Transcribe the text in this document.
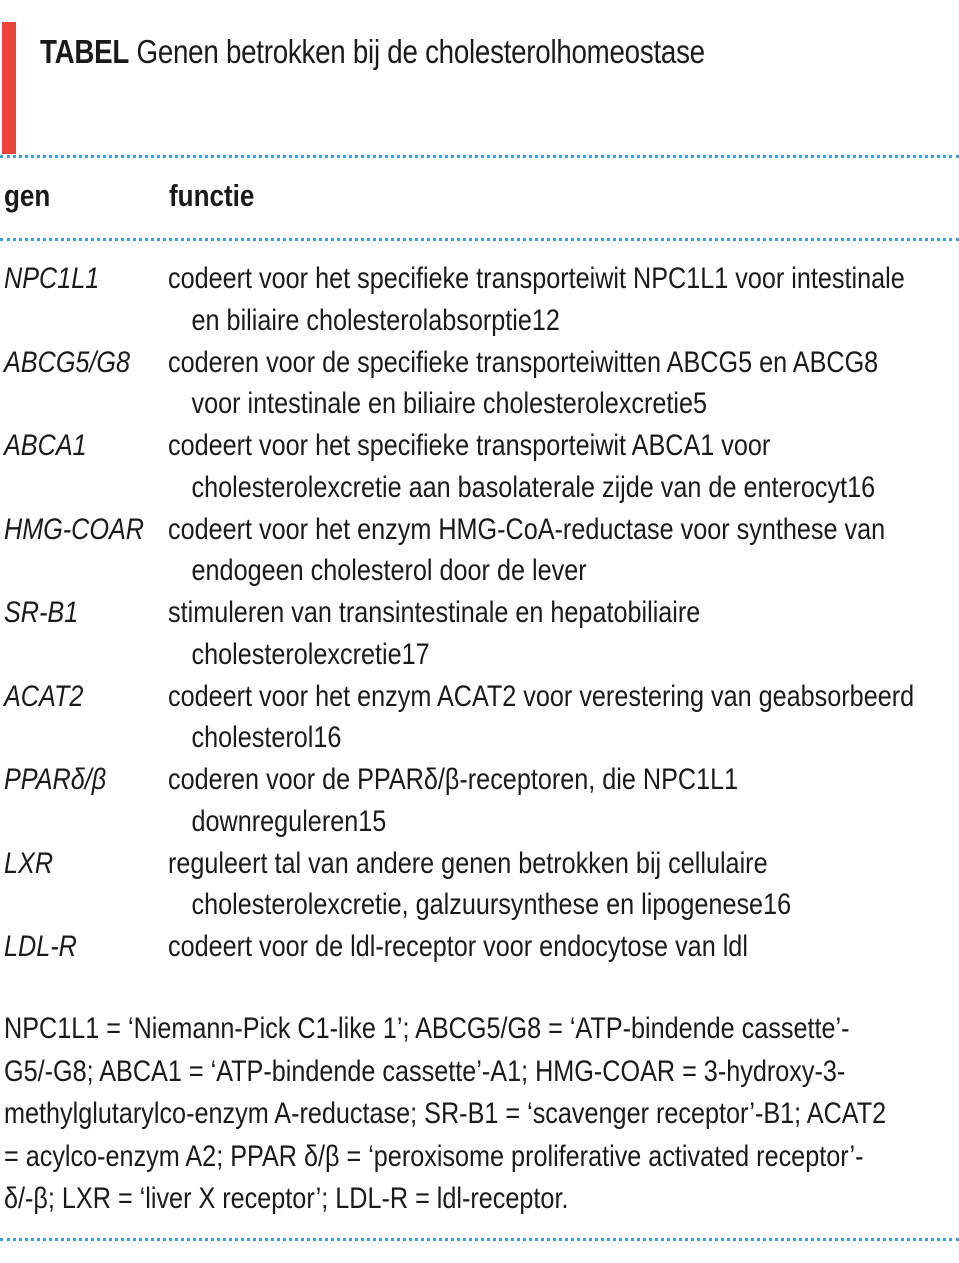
TABEL Genen betrokken bij de cholesterolhomeostase
gen	functie
NPC1L1 codeert voor het specifieke transporteiwit NPC1L1 voor intestinale
en biliaire cholesterolabsorptie12
ABCG5/G8 coderen voor de specifieke transporteiwitten ABCG5 en ABCG8
voor intestinale en biliaire cholesterolexcretie5
ABCA1	codeert voor het specifieke transporteiwit ABCA1 voor
cholesterolexcretie aan basolaterale zijde van de enterocyt16
HMG-COAR codeert voor het enzym HMG-CoA-reductase voor synthese van
endogeen cholesterol door de lever
SR-B1	stimuleren van transintestinale en hepatobiliaire
cholesterolexcretie17
ACAT2	codeert voor het enzym ACAT2 voor verestering van geabsorbeerd
cholesterol16
PPARδ/β coderen voor de PPARδ/β-receptoren, die NPC1L1
downreguleren15
LXR	reguleert tal van andere genen betrokken bij cellulaire
cholesterolexcretie, galzuursynthese en lipogenese16
LDL-R	codeert voor de ldl-receptor voor endocytose van ldl
NPC1L1 = ‘Niemann-Pick C1-like 1’; ABCG5/G8 = ‘ATP-bindende cassette’-
G5/-G8; ABCA1 = ‘ATP-bindende cassette’-A1; HMG-COAR = 3-hydroxy-3-
methylglutarylco-enzym A-reductase; SR-B1 = ‘scavenger receptor’-B1; ACAT2
= acylco-enzym A2; PPAR δ/β = ‘peroxisome proliferative activated receptor’-
δ/-β; LXR = ‘liver X receptor’; LDL-R = ldl-receptor.
